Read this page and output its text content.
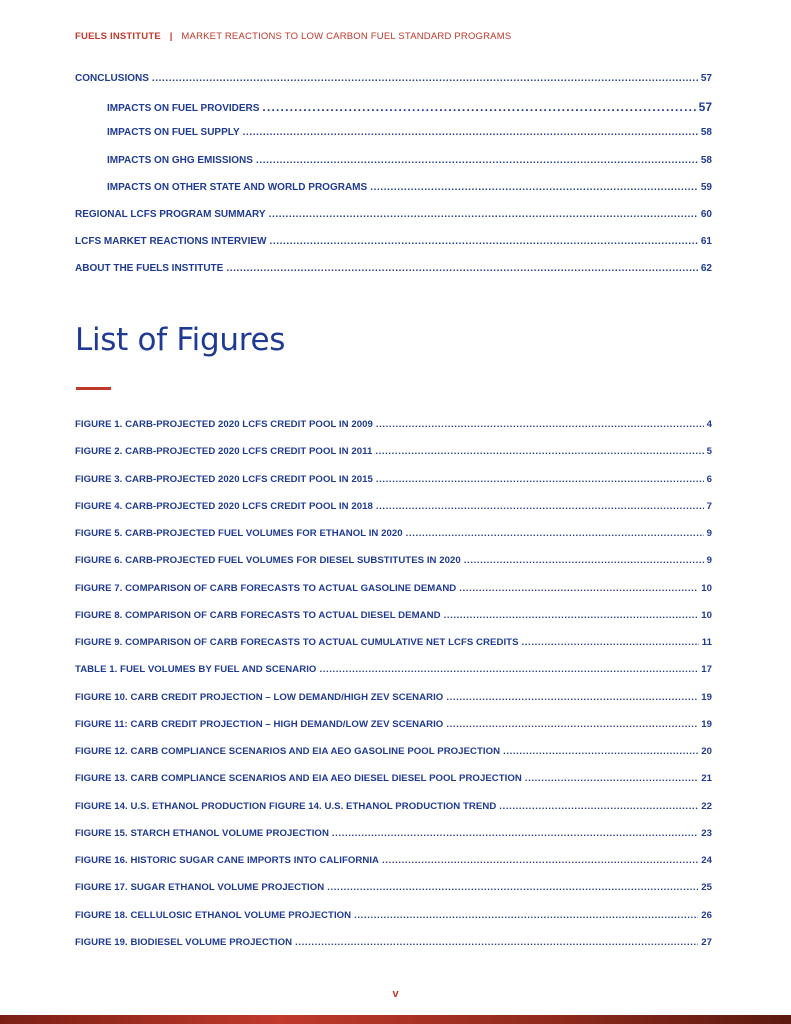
FUELS INSTITUTE | MARKET REACTIONS TO LOW CARBON FUEL STANDARD PROGRAMS
CONCLUSIONS .....	57
IMPACTS ON FUEL PROVIDERS .....	57
IMPACTS ON FUEL SUPPLY .....	58
IMPACTS ON GHG EMISSIONS .....	58
IMPACTS ON OTHER STATE AND WORLD PROGRAMS .....	59
REGIONAL LCFS PROGRAM SUMMARY .....	60
LCFS MARKET REACTIONS INTERVIEW .....	61
ABOUT THE FUELS INSTITUTE .....	62
List of Figures
FIGURE 1. CARB-PROJECTED 2020 LCFS CREDIT POOL IN 2009 .....	4
FIGURE 2. CARB-PROJECTED 2020 LCFS CREDIT POOL IN 2011 .....	5
FIGURE 3. CARB-PROJECTED 2020 LCFS CREDIT POOL IN 2015 .....	6
FIGURE 4. CARB-PROJECTED 2020 LCFS CREDIT POOL IN 2018 .....	7
FIGURE 5. CARB-PROJECTED FUEL VOLUMES FOR ETHANOL IN 2020 .....	9
FIGURE 6. CARB-PROJECTED FUEL VOLUMES FOR DIESEL SUBSTITUTES IN 2020 .....	9
FIGURE 7. COMPARISON OF CARB FORECASTS TO ACTUAL GASOLINE DEMAND .....	10
FIGURE 8. COMPARISON OF CARB FORECASTS TO ACTUAL DIESEL DEMAND .....	10
FIGURE 9. COMPARISON OF CARB FORECASTS TO ACTUAL CUMULATIVE NET LCFS CREDITS .....	11
TABLE 1. FUEL VOLUMES BY FUEL AND SCENARIO .....	17
FIGURE 10. CARB CREDIT PROJECTION – LOW DEMAND/HIGH ZEV SCENARIO .....	19
FIGURE 11: CARB CREDIT PROJECTION – HIGH DEMAND/LOW ZEV SCENARIO .....	19
FIGURE 12. CARB COMPLIANCE SCENARIOS AND EIA AEO GASOLINE POOL PROJECTION .....	20
FIGURE 13. CARB COMPLIANCE SCENARIOS AND EIA AEO DIESEL DIESEL POOL PROJECTION .....	21
FIGURE 14. U.S. ETHANOL PRODUCTION FIGURE 14. U.S. ETHANOL PRODUCTION TREND .....	22
FIGURE 15. STARCH ETHANOL VOLUME PROJECTION .....	23
FIGURE 16. HISTORIC SUGAR CANE IMPORTS INTO CALIFORNIA .....	24
FIGURE 17. SUGAR ETHANOL VOLUME PROJECTION .....	25
FIGURE 18. CELLULOSIC ETHANOL VOLUME PROJECTION .....	26
FIGURE 19. BIODIESEL VOLUME PROJECTION .....	27
v
